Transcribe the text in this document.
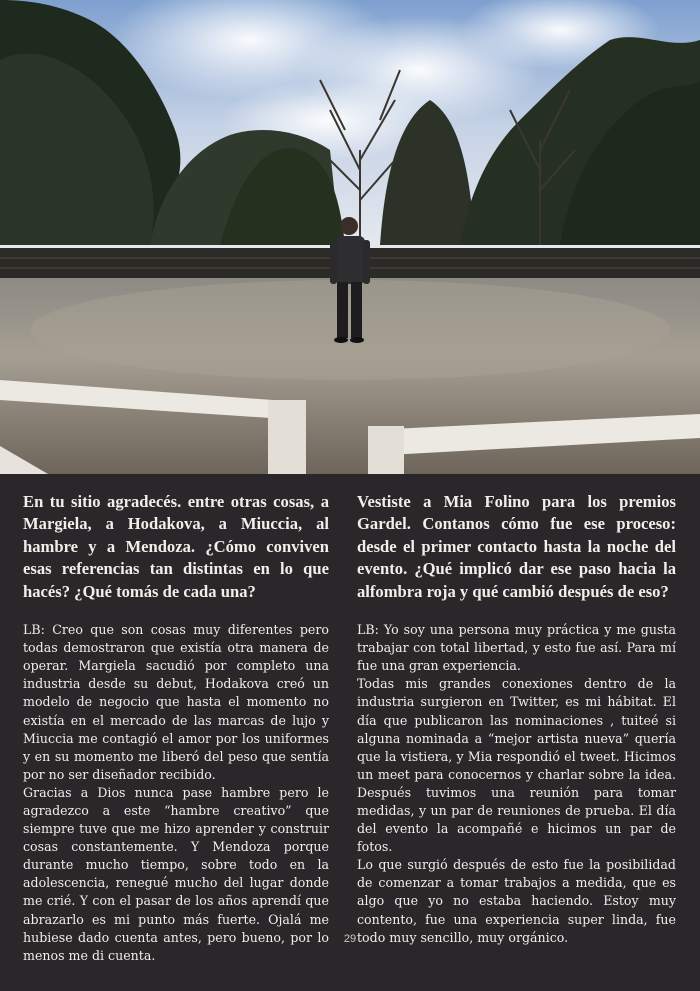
En tu sitio agradecés. entre otras cosas, a Margiela, a Hodakova, a Miuccia, al hambre y a Mendoza. ¿Cómo conviven esas referencias tan distintas en lo que hacés? ¿Qué tomás de cada una?

LB: Creo que son cosas muy diferentes pero todas demostraron que existía otra manera de operar. Margiela sacudió por completo una industria desde su debut, Hodakova creó un modelo de negocio que hasta el momento no existía en el mercado de las marcas de lujo y Miuccia me contagió el amor por los uniformes y en su momento me liberó del peso que sentía por no ser diseñador recibido.

Gracias a Dios nunca pase hambre pero le agradezco a este “hambre creativo” que siempre tuve que me hizo aprender y construir cosas constantemente. Y Mendoza porque durante mucho tiempo, sobre todo en la adolescencia, renegué mucho del lugar donde me crié. Y con el pasar de los años aprendí que abrazarlo es mi punto más fuerte. Ojalá me hubiese dado cuenta antes, pero bueno, por lo menos me di cuenta.

Vestiste a Mia Folino para los premios Gardel. Contanos cómo fue ese proceso: desde el primer contacto hasta la noche del evento. ¿Qué implicó dar ese paso hacia la alfombra roja y qué cambió después de eso?

LB: Yo soy una persona muy práctica y me gusta trabajar con total libertad, y esto fue así. Para mí fue una gran experiencia.

Todas mis grandes conexiones dentro de la industria surgieron en Twitter, es mi hábitat. El día que publicaron las nominaciones , tuiteé si alguna nominada a “mejor artista nueva” quería que la vistiera, y Mia respondió el tweet. Hicimos un meet para conocernos y charlar sobre la idea. Después tuvimos una reunión para tomar medidas, y un par de reuniones de prueba. El día del evento la acompañé e hicimos un par de fotos.

Lo que surgió después de esto fue la posibilidad de comenzar a tomar trabajos a medida, que es algo que yo no estaba haciendo. Estoy muy contento, fue una experiencia super linda, fue todo muy sencillo, muy orgánico.

29
